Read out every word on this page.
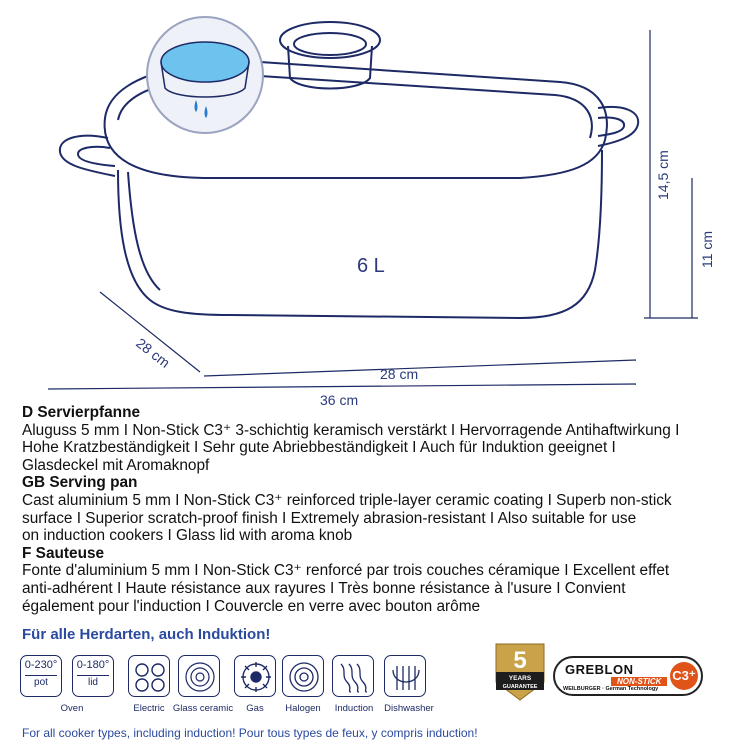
6 L
28 cm
28 cm
36 cm
14,5 cm
11 cm

D Servierpfanne

Aluguss 5 mm I Non-Stick C3⁺ 3-schichtig keramisch verstärkt I Hervorragende Antihaftwirkung I

Hohe Kratzbeständigkeit I Sehr gute Abriebbeständigkeit I Auch für Induktion geeignet I

Glasdeckel mit Aromaknopf

GB Serving pan

Cast aluminium 5 mm I Non-Stick C3⁺ reinforced triple-layer ceramic coating I Superb non-stick

surface I Superior scratch-proof finish I Extremely abrasion-resistant I Also suitable for use

on induction cookers I Glass lid with aroma knob

F Sauteuse

Fonte d'aluminium 5 mm I Non-Stick C3⁺ renforcé par trois couches céramique I Excellent effet

anti-adhérent I Haute résistance aux rayures I Très bonne résistance à l'usure I Convient

également pour l'induction I Couvercle en verre avec bouton arôme

Für alle Herdarten, auch Induktion!
0-230°
pot
0-180°
lid
Oven	Electric Glass ceramic Gas Halogen Induction Dishwasher
5
YEARS
GUARANTEE
GREBLON
NON-STICK
WEILBURGER · German Technology
C3⁺
For all cooker types, including induction! Pour tous types de feux, y compris induction!
